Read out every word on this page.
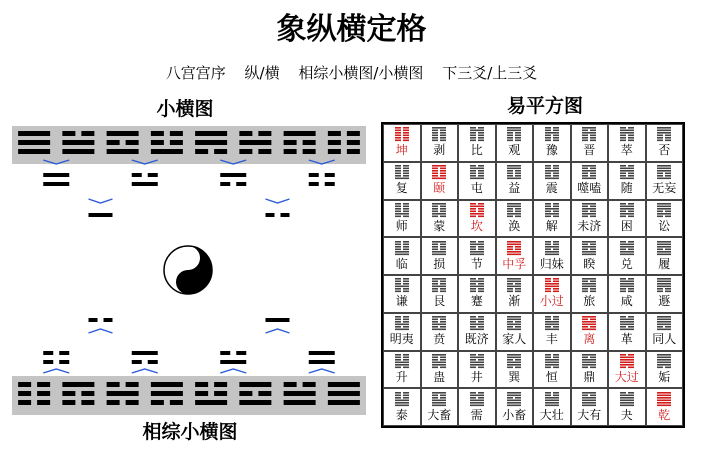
象纵横定格
八宫宫序 纵/横 相综小横图/小横图 下三爻/上三爻
小横图	易平方图
相综小横图
坤 剥 比 观 豫 晋 萃 否
复 颐 屯 益 震 噬嗑 随 无妄
师 蒙 坎 涣 解 未济 困 讼
临 损 节 中孚 归妹 睽 兑 履
谦 艮 蹇 渐 小过 旅 咸 遯
明夷 贲 既济 家人 丰 离 革 同人
升 蛊 井 巽 恒 鼎 大过 姤
泰 大畜 需 小畜 大壮 大有 夬 乾
